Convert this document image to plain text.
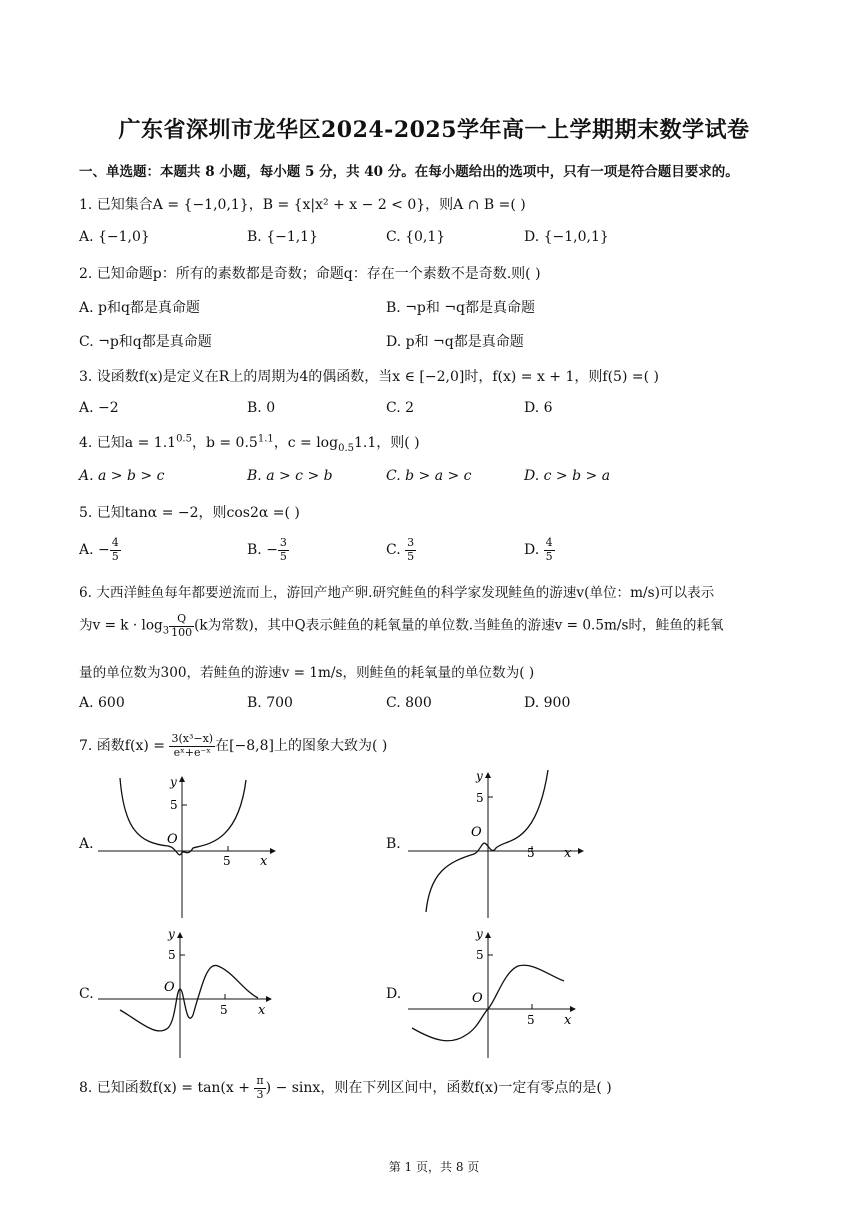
广东省深圳市龙华区2024-2025学年高一上学期期末数学试卷
一、单选题：本题共 8 小题，每小题 5 分，共 40 分。在每小题给出的选项中，只有一项是符合题目要求的。
1. 已知集合A = {−1,0,1}，B = {x|x² + x − 2 < 0}，则A ∩ B =( )
A. {−1,0}	B. {−1,1}	C. {0,1}	D. {−1,0,1}
2. 已知命题p：所有的素数都是奇数；命题q：存在一个素数不是奇数.则( )
A. p和q都是真命题	B. ¬p和 ¬q都是真命题
C. ¬p和q都是真命题	D. p和 ¬q都是真命题
3. 设函数f(x)是定义在R上的周期为4的偶函数，当x ∈ [−2,0]时，f(x) = x + 1，则f(5) =( )
A. −2	B. 0	C. 2	D. 6
4. 已知$a = 1.1^{0.5}$，$b = 0.5^{1.1}$，$c = \log_{0.5}1.1$，则( )
A. a > b > c	B. a > c > b	C. b > a > c	D. c > b > a
5. 已知tanα = −2，则cos2α =( )
A. − $\frac{4}{5}$	B. − $\frac{3}{5}$	C. $\frac{3}{5}$	D. $\frac{4}{5}$
6. 大西洋鲑鱼每年都要逆流而上，游回产地产卵.研究鲑鱼的科学家发现鲑鱼的游速v(单位：m/s)可以表示
为$v = k \cdot \log_3 \frac{Q}{100} (k$为常数)，其中Q表示鲑鱼的耗氧量的单位数.当鲑鱼的游速v = 0.5m/s时，鲑鱼的耗氧
量的单位数为300，若鲑鱼的游速v = 1m/s，则鲑鱼的耗氧量的单位数为( )
A. 600	B. 700	C. 800	D. 900
7. 函数$f(x) = \frac{\text{3(x³−x)}}{\text{eˣ+e⁻ˣ}}$ 在[−8,8]上的图象大致为( )
A.
y
5
O
5 x
B.
y
5
O
5 x
C.
y
5
O
5 x
D.
y
5
O
5 x
8. 已知函数$f(x) = \tan(x + \frac{\pi}{3}$ ) − sinx，则在下列区间中，函数f(x)一定有零点的是( )
第 1 页，共 8 页
